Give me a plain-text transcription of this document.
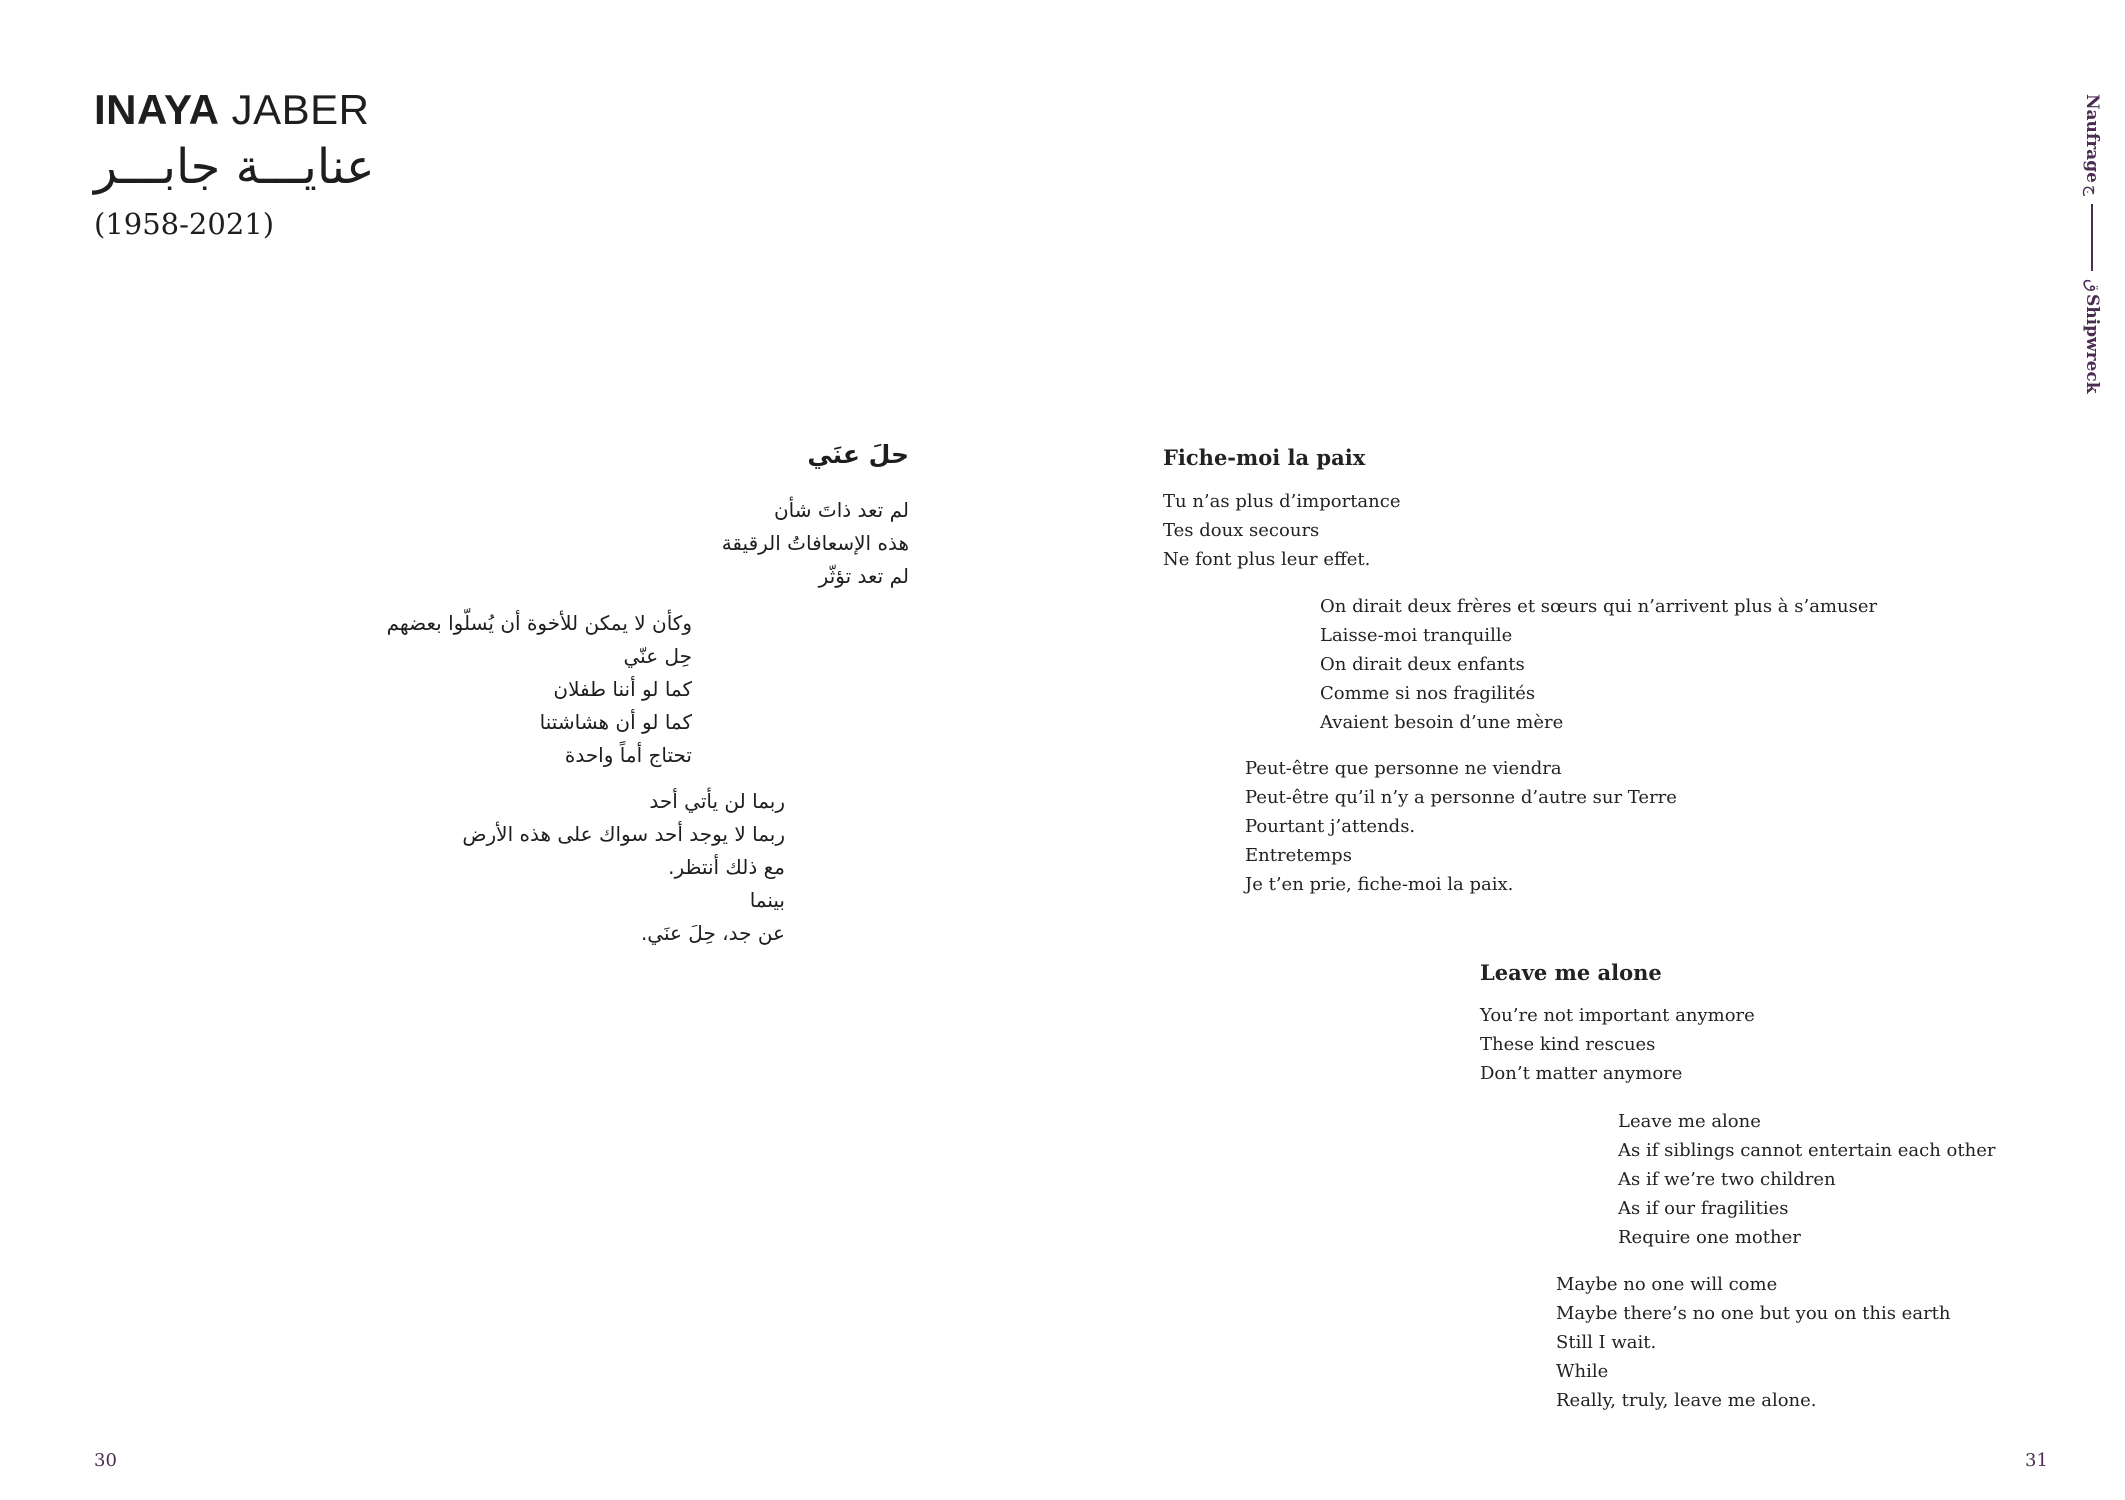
INAYA JABER
عنايـــة جابـــر
(1958-2021)
Naufrage
ج
ق
Shipwreck
حلَ عنَي
لم تعد ذاتَ شأن
هذه الإسعافاتُ الرقيقة
لم تعد تؤثّر
وكأن لا يمكن للأخوة أن يُسلّوا بعضهم
حِل عنّي
كما لو أننا طفلان
كما لو أن هشاشتنا
تحتاج أماً واحدة
ربما لن يأتي أحد
ربما لا يوجد أحد سواك على هذه الأرض
مع ذلك أنتظر.
بينما
عن جد، حِلَ عنَي.
Fiche-moi la paix
Tu n’as plus d’importance
Tes doux secours
Ne font plus leur effet.
On dirait deux frères et sœurs qui n’arrivent plus à s’amuser
Laisse-moi tranquille
On dirait deux enfants
Comme si nos fragilités
Avaient besoin d’une mère
Peut-être que personne ne viendra
Peut-être qu’il n’y a personne d’autre sur Terre
Pourtant j’attends.
Entretemps
Je t’en prie, fiche-moi la paix.
Leave me alone
You’re not important anymore
These kind rescues
Don’t matter anymore
Leave me alone
As if siblings cannot entertain each other
As if we’re two children
As if our fragilities
Require one mother
Maybe no one will come
Maybe there’s no one but you on this earth
Still I wait.
While
Really, truly, leave me alone.
30	31
